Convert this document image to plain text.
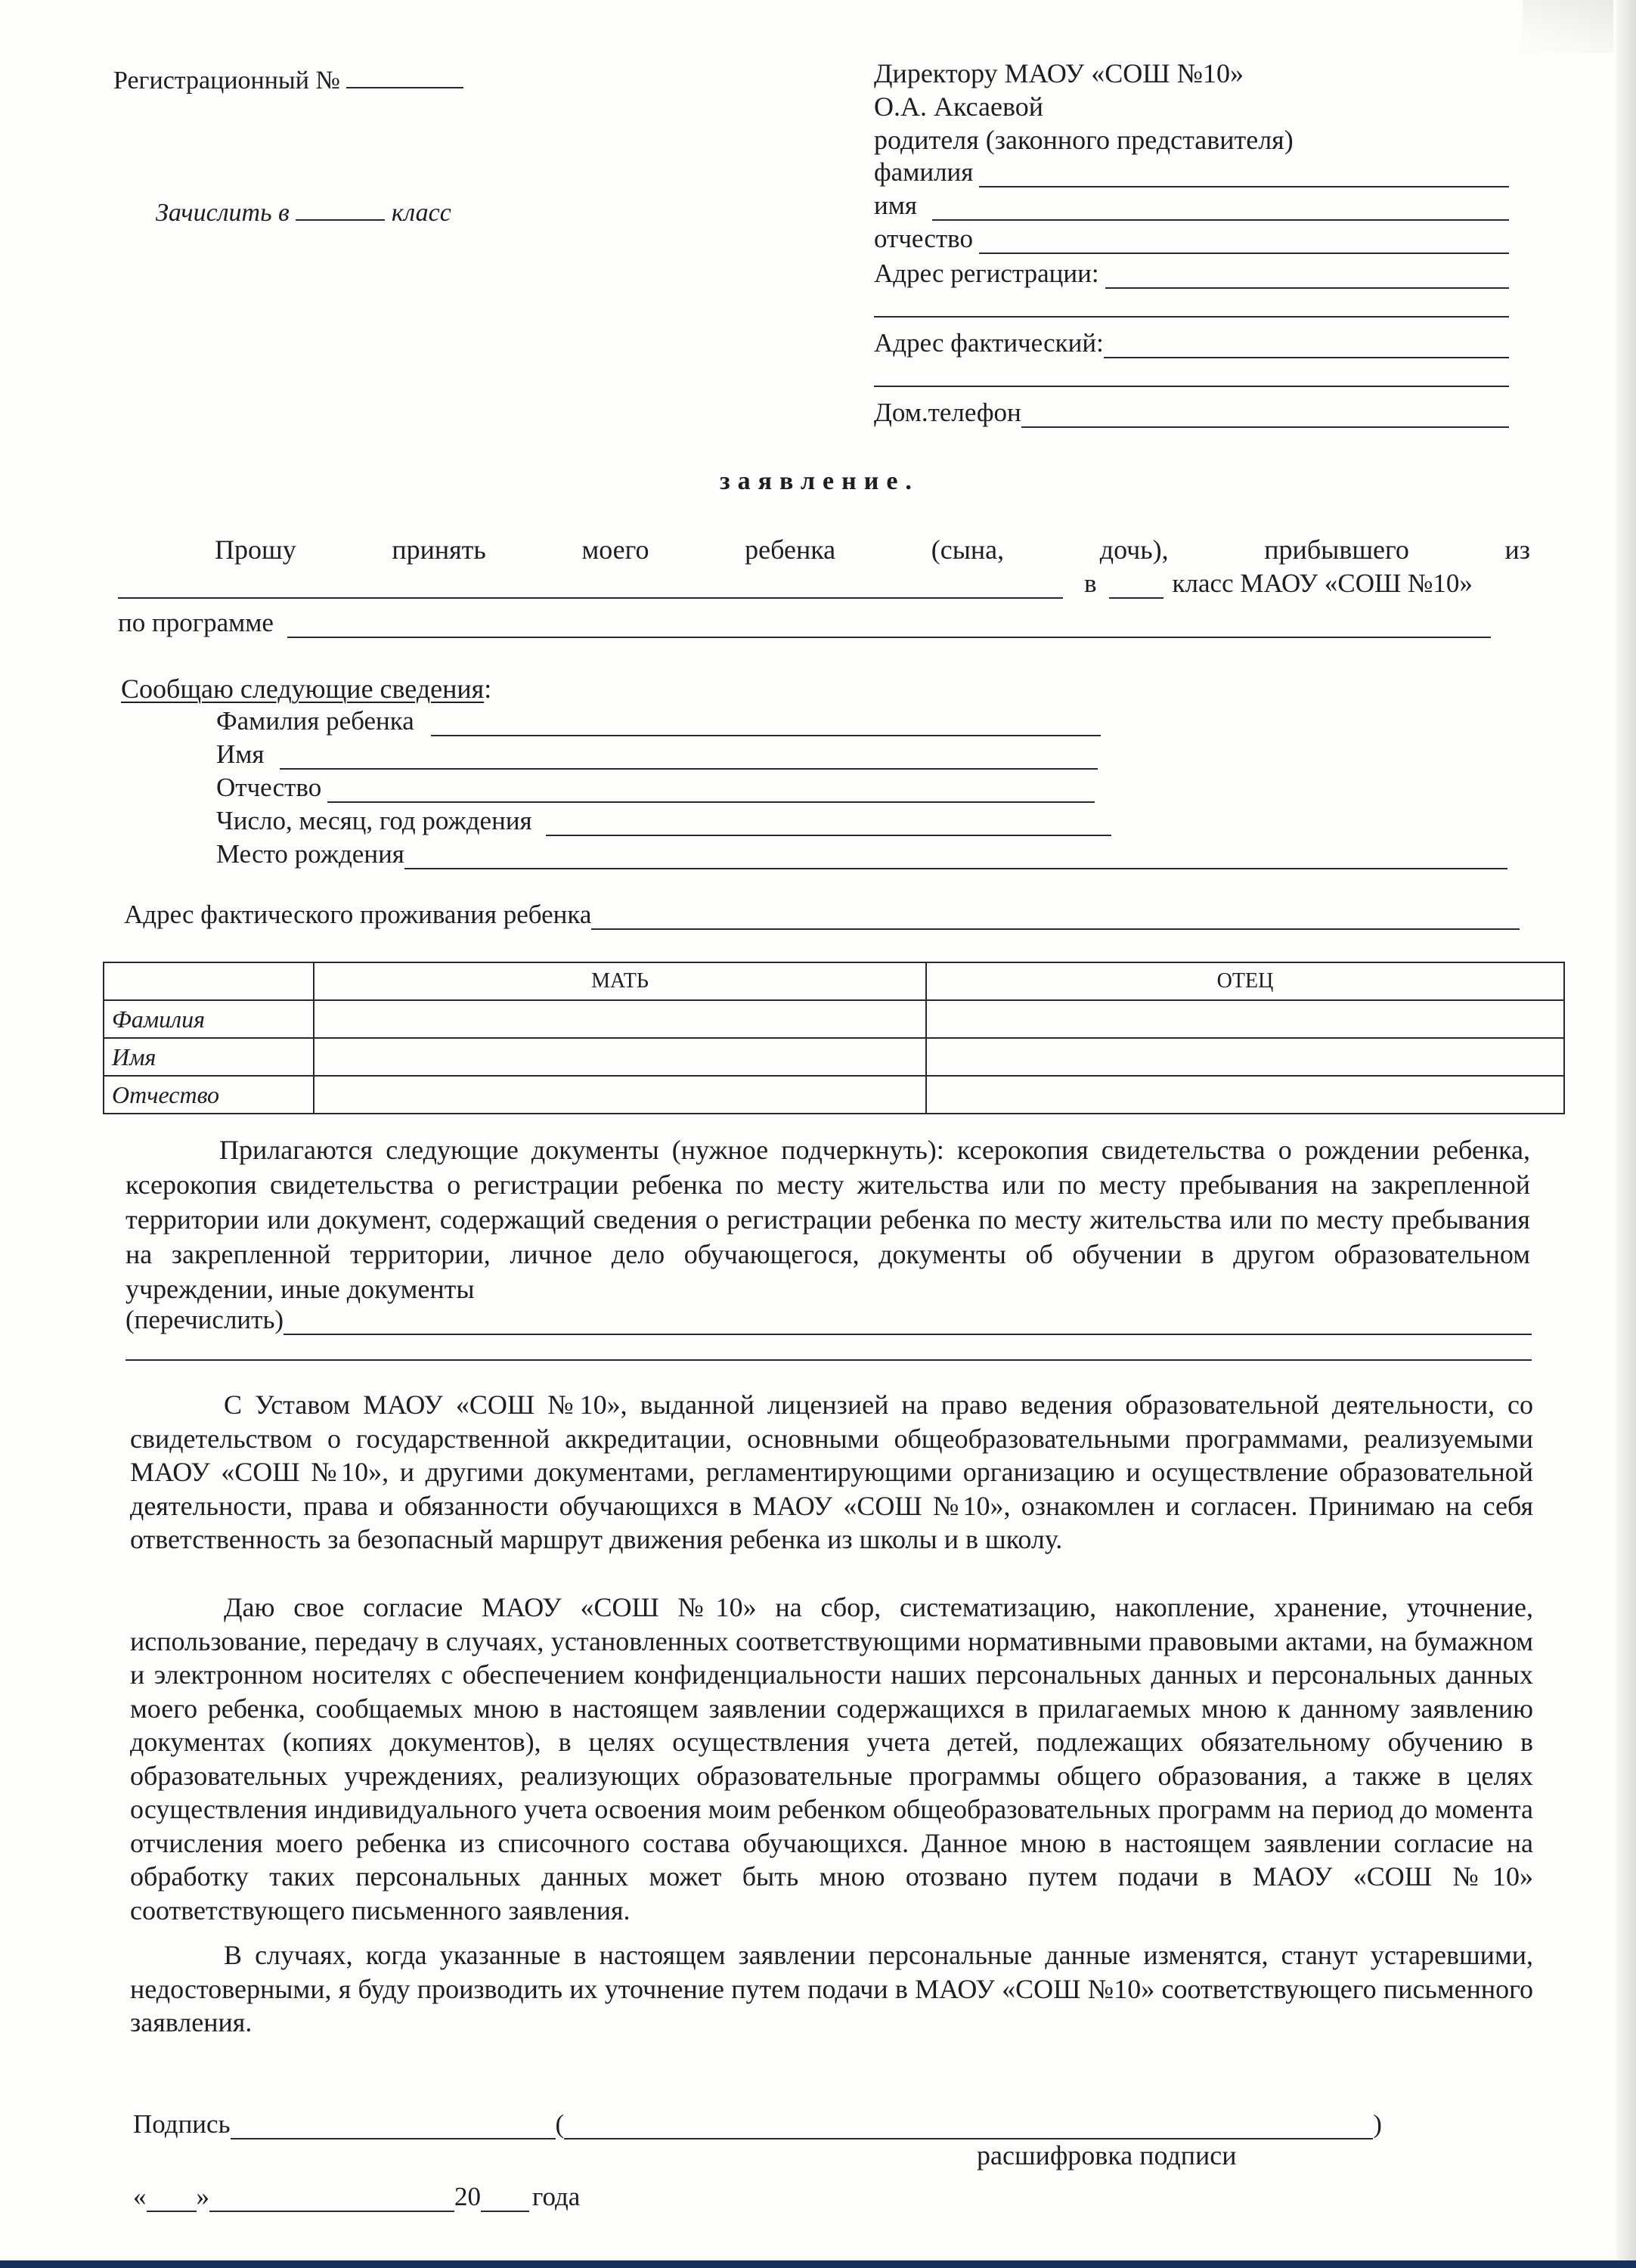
Регистрационный №
Зачислить в	класс
Директору МАОУ «СОШ №10»
О.А. Аксаевой
родителя (законного представителя)
фамилия
имя
отчество
Адрес регистрации:
Адрес фактический:
Дом.телефон
заявление.
Прошу	принять	моего	ребенка	(сына,	дочь),	прибывшего	из
в	класс МАОУ «СОШ №10»
по программе
Сообщаю следующие сведения:
Фамилия ребенка
Имя
Отчество
Число, месяц, год рождения
Место рождения
Адрес фактического проживания ребенка
	МАТЬ	ОТЕЦ
Фамилия		
Имя		
Отчество		
Прилагаются следующие документы (нужное подчеркнуть): ксерокопия свидетельства о рождении ребенка, ксерокопия свидетельства о регистрации ребенка по месту жительства или по месту пребывания на закрепленной территории или документ, содержащий сведения о регистрации ребенка по месту жительства или по месту пребывания на закрепленной территории, личное дело обучающегося, документы об обучении в другом образовательном учреждении, иные документы
(перечислить)
С Уставом МАОУ «СОШ №10», выданной лицензией на право ведения образовательной деятельности, со свидетельством о государственной аккредитации, основными общеобразовательными программами, реализуемыми МАОУ «СОШ №10», и другими документами, регламентирующими организацию и осуществление образовательной деятельности, права и обязанности обучающихся в МАОУ «СОШ №10», ознакомлен и согласен. Принимаю на себя ответственность за безопасный маршрут движения ребенка из школы и в школу.
Даю свое согласие МАОУ «СОШ №10» на сбор, систематизацию, накопление, хранение, уточнение, использование, передачу в случаях, установленных соответствующими нормативными правовыми актами, на бумажном и электронном носителях с обеспечением конфиденциальности наших персональных данных и персональных данных моего ребенка, сообщаемых мною в настоящем заявлении содержащихся в прилагаемых мною к данному заявлению документах (копиях документов), в целях осуществления учета детей, подлежащих обязательному обучению в образовательных учреждениях, реализующих образовательные программы общего образования, а также в целях осуществления индивидуального учета освоения моим ребенком общеобразовательных программ на период до момента отчисления моего ребенка из списочного состава обучающихся. Данное мною в настоящем заявлении согласие на обработку таких персональных данных может быть мною отозвано путем подачи в МАОУ «СОШ №10» соответствующего письменного заявления.
В случаях, когда указанные в настоящем заявлении персональные данные изменятся, станут устаревшими, недостоверными, я буду производить их уточнение путем подачи в МАОУ «СОШ №10» соответствующего письменного заявления.
Подпись	(	)
расшифровка подписи
« »	20 года
